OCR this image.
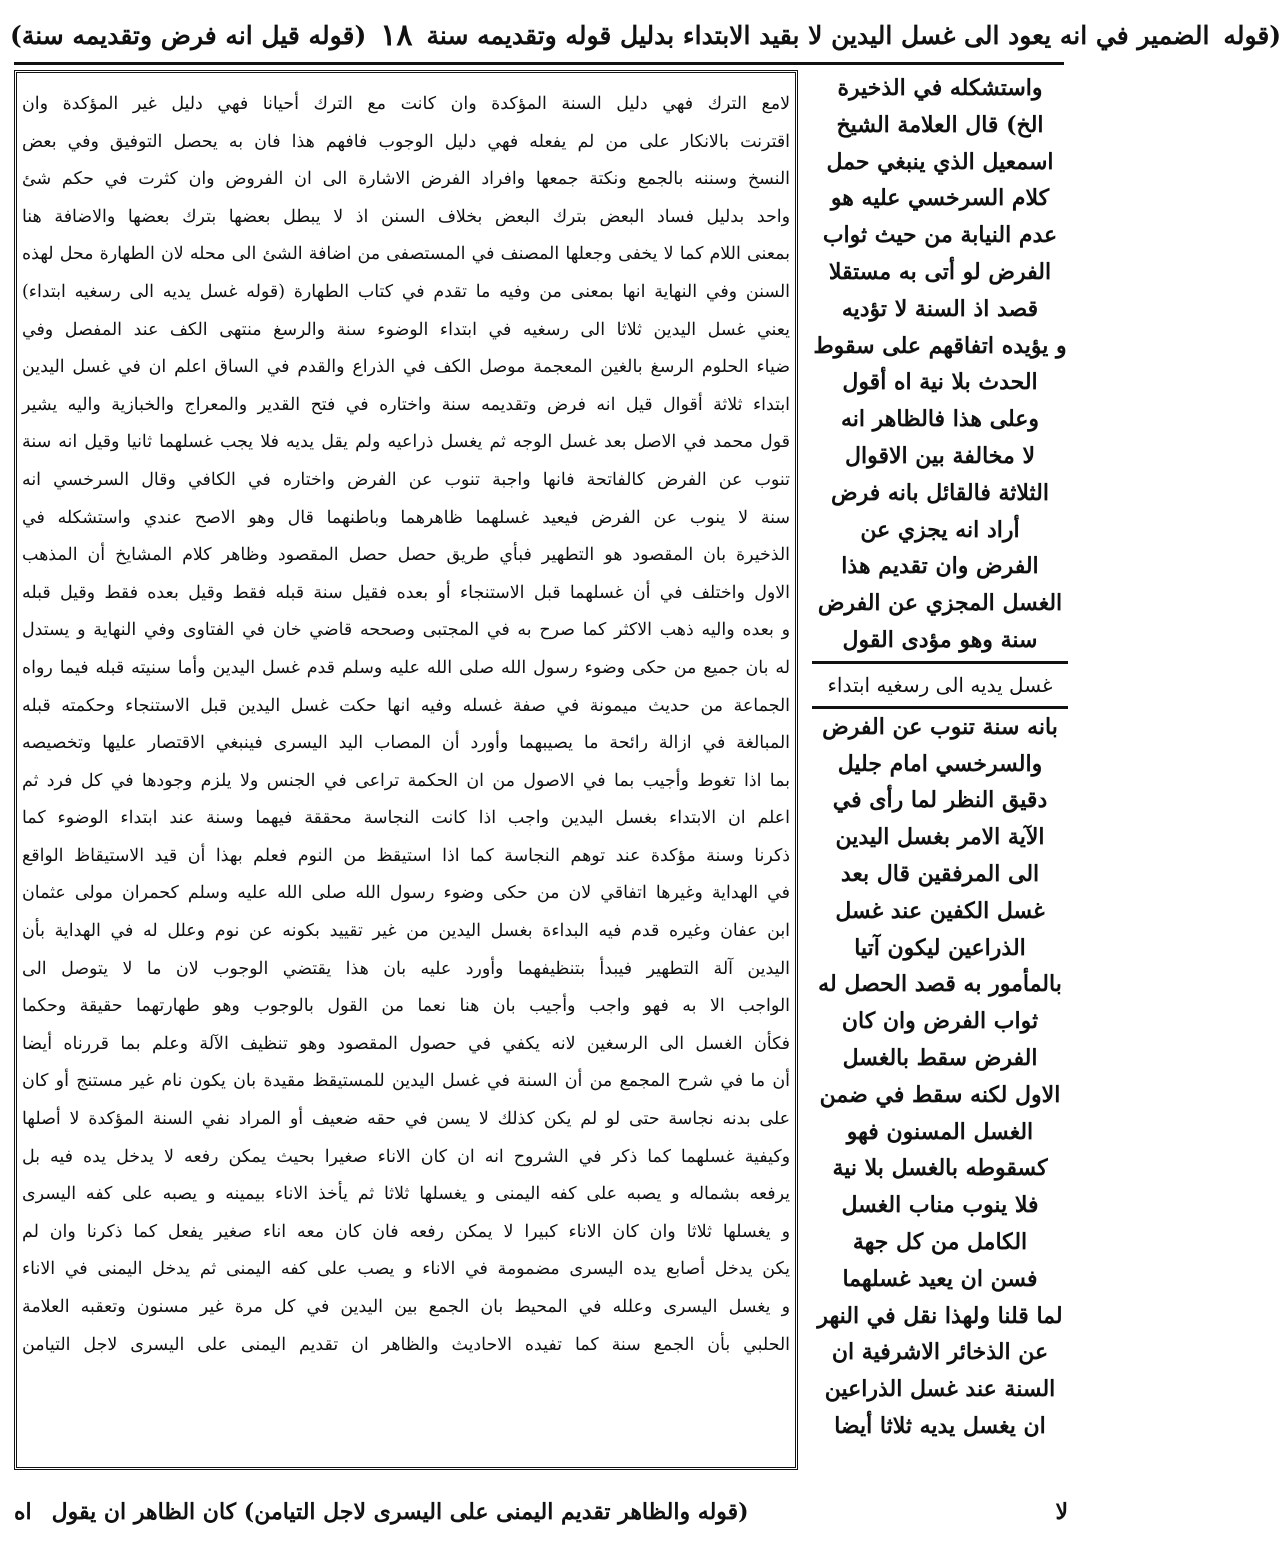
(قوله قيل انه فرض وتقديمه سنة) ١٨ الضمير في انه يعود الى غسل اليدين لا بقيد الابتداء بدليل قوله وتقديمه سنة (قوله
لامع الترك فهي دليل السنة المؤكدة وان كانت مع الترك أحيانا فهي دليل غير المؤكدة وان
اقترنت بالانكار على من لم يفعله فهي دليل الوجوب فافهم هذا فان به يحصل التوفيق وفي بعض
النسخ وسننه بالجمع ونكتة جمعها وافراد الفرض الاشارة الى ان الفروض وان كثرت في حكم شئ
واحد بدليل فساد البعض بترك البعض بخلاف السنن اذ لا يبطل بعضها بترك بعضها والاضافة هنا
بمعنى اللام كما لا يخفى وجعلها المصنف في المستصفى من اضافة الشئ الى محله لان الطهارة محل لهذه
السنن وفي النهاية انها بمعنى من وفيه ما تقدم في كتاب الطهارة (قوله غسل يديه الى رسغيه ابتداء)
يعني غسل اليدين ثلاثا الى رسغيه في ابتداء الوضوء سنة والرسغ منتهى الكف عند المفصل وفي
ضياء الحلوم الرسغ بالغين المعجمة موصل الكف في الذراع والقدم في الساق اعلم ان في غسل اليدين
ابتداء ثلاثة أقوال قيل انه فرض وتقديمه سنة واختاره في فتح القدير والمعراج والخبازية واليه يشير
قول محمد في الاصل بعد غسل الوجه ثم يغسل ذراعيه ولم يقل يديه فلا يجب غسلهما ثانيا وقيل انه سنة
تنوب عن الفرض كالفاتحة فانها واجبة تنوب عن الفرض واختاره في الكافي وقال السرخسي انه
سنة لا ينوب عن الفرض فيعيد غسلهما ظاهرهما وباطنهما قال وهو الاصح عندي واستشكله في
الذخيرة بان المقصود هو التطهير فبأي طريق حصل حصل المقصود وظاهر كلام المشايخ أن المذهب
الاول واختلف في أن غسلهما قبل الاستنجاء أو بعده فقيل سنة قبله فقط وقيل بعده فقط وقيل قبله
و بعده واليه ذهب الاكثر كما صرح به في المجتبى وصححه قاضي خان في الفتاوى وفي النهاية و يستدل
له بان جميع من حكى وضوء رسول الله صلى الله عليه وسلم قدم غسل اليدين وأما سنيته قبله فيما رواه
الجماعة من حديث ميمونة في صفة غسله وفيه انها حكت غسل اليدين قبل الاستنجاء وحكمته قبله
المبالغة في ازالة رائحة ما يصيبهما وأورد أن المصاب اليد اليسرى فينبغي الاقتصار عليها وتخصيصه
بما اذا تغوط وأجيب بما في الاصول من ان الحكمة تراعى في الجنس ولا يلزم وجودها في كل فرد ثم
اعلم ان الابتداء بغسل اليدين واجب اذا كانت النجاسة محققة فيهما وسنة عند ابتداء الوضوء كما
ذكرنا وسنة مؤكدة عند توهم النجاسة كما اذا استيقظ من النوم فعلم بهذا أن قيد الاستيقاظ الواقع
في الهداية وغيرها اتفاقي لان من حكى وضوء رسول الله صلى الله عليه وسلم كحمران مولى عثمان
ابن عفان وغيره قدم فيه البداءة بغسل اليدين من غير تقييد بكونه عن نوم وعلل له في الهداية بأن
اليدين آلة التطهير فيبدأ بتنظيفهما وأورد عليه بان هذا يقتضي الوجوب لان ما لا يتوصل الى
الواجب الا به فهو واجب وأجيب بان هنا نعما من القول بالوجوب وهو طهارتهما حقيقة وحكما
فكأن الغسل الى الرسغين لانه يكفي في حصول المقصود وهو تنظيف الآلة وعلم بما قررناه أيضا
أن ما في شرح المجمع من أن السنة في غسل اليدين للمستيقظ مقيدة بان يكون نام غير مستنج أو كان
على بدنه نجاسة حتى لو لم يكن كذلك لا يسن في حقه ضعيف أو المراد نفي السنة المؤكدة لا أصلها
وكيفية غسلهما كما ذكر في الشروح انه ان كان الاناء صغيرا بحيث يمكن رفعه لا يدخل يده فيه بل
يرفعه بشماله و يصبه على كفه اليمنى و يغسلها ثلاثا ثم يأخذ الاناء بيمينه و يصبه على كفه اليسرى
و يغسلها ثلاثا وان كان الاناء كبيرا لا يمكن رفعه فان كان معه اناء صغير يفعل كما ذكرنا وان لم
يكن يدخل أصابع يده اليسرى مضمومة في الاناء و يصب على كفه اليمنى ثم يدخل اليمنى في الاناء
و يغسل اليسرى وعلله في المحيط بان الجمع بين اليدين في كل مرة غير مسنون وتعقبه العلامة
الحلبي بأن الجمع سنة كما تفيده الاحاديث والظاهر ان تقديم اليمنى على اليسرى لاجل التيامن
واستشكله في الذخيرة
الخ) قال العلامة الشيخ
اسمعيل الذي ينبغي حمل
كلام السرخسي عليه هو
عدم النيابة من حيث ثواب
الفرض لو أتى به مستقلا
قصد اذ السنة لا تؤديه
و يؤيده اتفاقهم على سقوط
الحدث بلا نية اه أقول
وعلى هذا فالظاهر انه
لا مخالفة بين الاقوال
الثلاثة فالقائل بانه فرض
أراد انه يجزي عن
الفرض وان تقديم هذا
الغسل المجزي عن الفرض
سنة وهو مؤدى القول
غسل يديه الى رسغيه ابتداء
بانه سنة تنوب عن الفرض
والسرخسي امام جليل
دقيق النظر لما رأى في
الآية الامر بغسل اليدين
الى المرفقين قال بعد
غسل الكفين عند غسل
الذراعين ليكون آتيا
بالمأمور به قصد الحصل له
ثواب الفرض وان كان
الفرض سقط بالغسل
الاول لكنه سقط في ضمن
الغسل المسنون فهو
كسقوطه بالغسل بلا نية
فلا ينوب مناب الغسل
الكامل من كل جهة
فسن ان يعيد غسلهما
لما قلنا ولهذا نقل في النهر
عن الذخائر الاشرفية ان
السنة عند غسل الذراعين
ان يغسل يديه ثلاثا أيضا
اه (قوله والظاهر تقديم اليمنى على اليسرى لاجل التيامن) كان الظاهر ان يقول	لا
